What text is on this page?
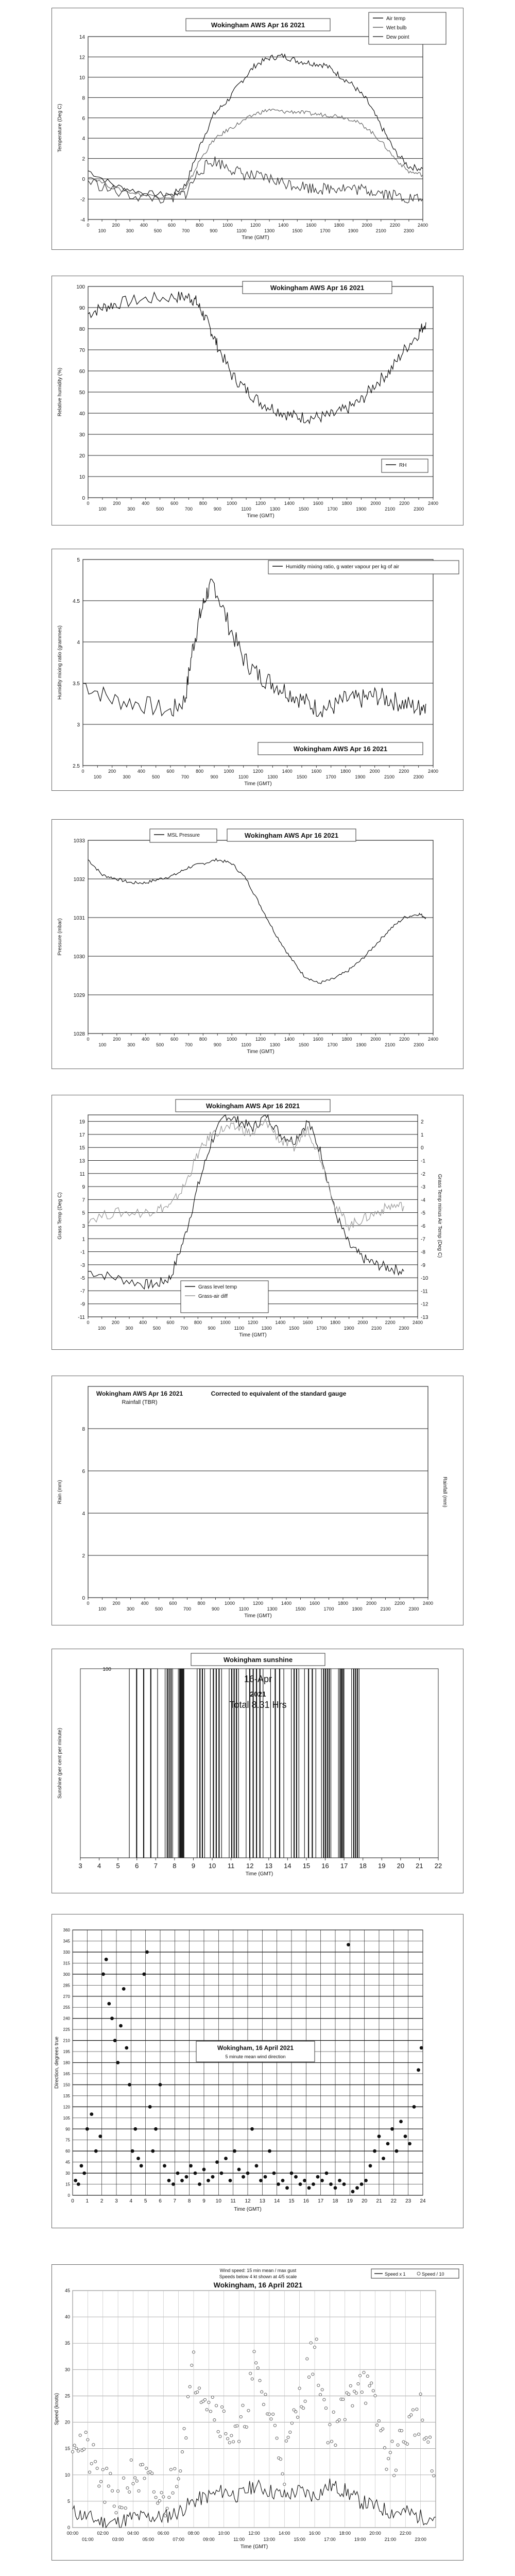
-4
-2
0
2
4
6
8
10
12
14
0
100
200
300
400
500
600
700
800
900
1000
1100
1200
1300
1400
1500
1600
1700
1800
1900
2000
2100
2200
2300
2400
Time (GMT)
Temperature (Deg C)
Wokingham AWS Apr 16 2021
Air temp
Wet bulb
Dew point
0
10
20
30
40
50
60
70
80
90
100
0
100
200
300
400
500
600
700
800
900
1000
1100
1200
1300
1400
1500
1600
1700
1800
1900
2000
2100
2200
2300
2400
Time (GMT)
Relative humidity (%)
Wokingham AWS Apr 16 2021
RH
2.5
3
3.5
4
4.5
5
0
100
200
300
400
500
600
700
800
900
1000
1100
1200
1300
1400
1500
1600
1700
1800
1900
2000
2100
2200
2300
2400
Time (GMT)
Humidity mixing ratio (grammes)
Wokingham AWS Apr 16 2021
Humidity mixing ratio, g water vapour per kg of air
1028
1029
1030
1031
1032
1033
0
100
200
300
400
500
600
700
800
900
1000
1100
1200
1300
1400
1500
1600
1700
1800
1900
2000
2100
2200
2300
2400
Time (GMT)
Pressure (mbar)
Wokingham AWS Apr 16 2021
MSL Pressure
-11
-9
-7
-5
-3
-1
1
3
5
7
9
11
13
15
17
19
0
100
200
300
400
500
600
700
800
900
1000
1100
1200
1300
1400
1500
1600
1700
1800
1900
2000
2100
2200
2300
2400
Time (GMT)
Grass Temp (Deg C)
Wokingham AWS Apr 16 2021
Grass level temp
Grass-air diff
-13
-12
-11
-10
-9
-8
-7
-6
-5
-4
-3
-2
-1
0
1
2
Grass Temp minus Air Temp (Deg C)
0
2
4
6
8
0
100
200
300
400
500
600
700
800
900
1000
1100
1200
1300
1400
1500
1600
1700
1800
1900
2000
2100
2200
2300
2400
Time (GMT)
Rain (mm)
Wokingham AWS Apr 16 2021
Rainfall (TBR)
Corrected to equivalent of the standard gauge
Rainfall (mm)
100
3 4 5 6 7 8 9 10 11 12 13 14 15 16 17 18 19 20 21 22
Time (GMT)
Sunshine (per cent per minute)
Wokingham sunshine
16-Apr
2021
Total 8.31 Hrs
0
15
30
45
60
75
90
105
120
135
150
165
180
195
210
225
240
255
270
285
300
315
330
345
360
0 1 2 3 4 5 6 7 8 9 10 11 12 13 14 15 16 17 18 19 20 21 22 23 24
Time (GMT)
Direction, degrees true	Wokingham, 16 April 2021
5 minute mean wind direction
0
5
10
15
20
25
30
35
40
45
00:00	02:00	04:00	06:00	08:00	10:00	12:00	14:00	16:00	18:00	20:00	22:00
01:00	03:00	05:00	07:00	09:00	11:00	13:00	15:00	17:00	19:00	21:00	23:00
Time (GMT)
Speed (knots)
Wind speed: 15 min mean / max gust
Speeds below 4 kt shown at 4/5 scale
Wokingham, 16 April 2021
Speed x 1	Speed / 10
